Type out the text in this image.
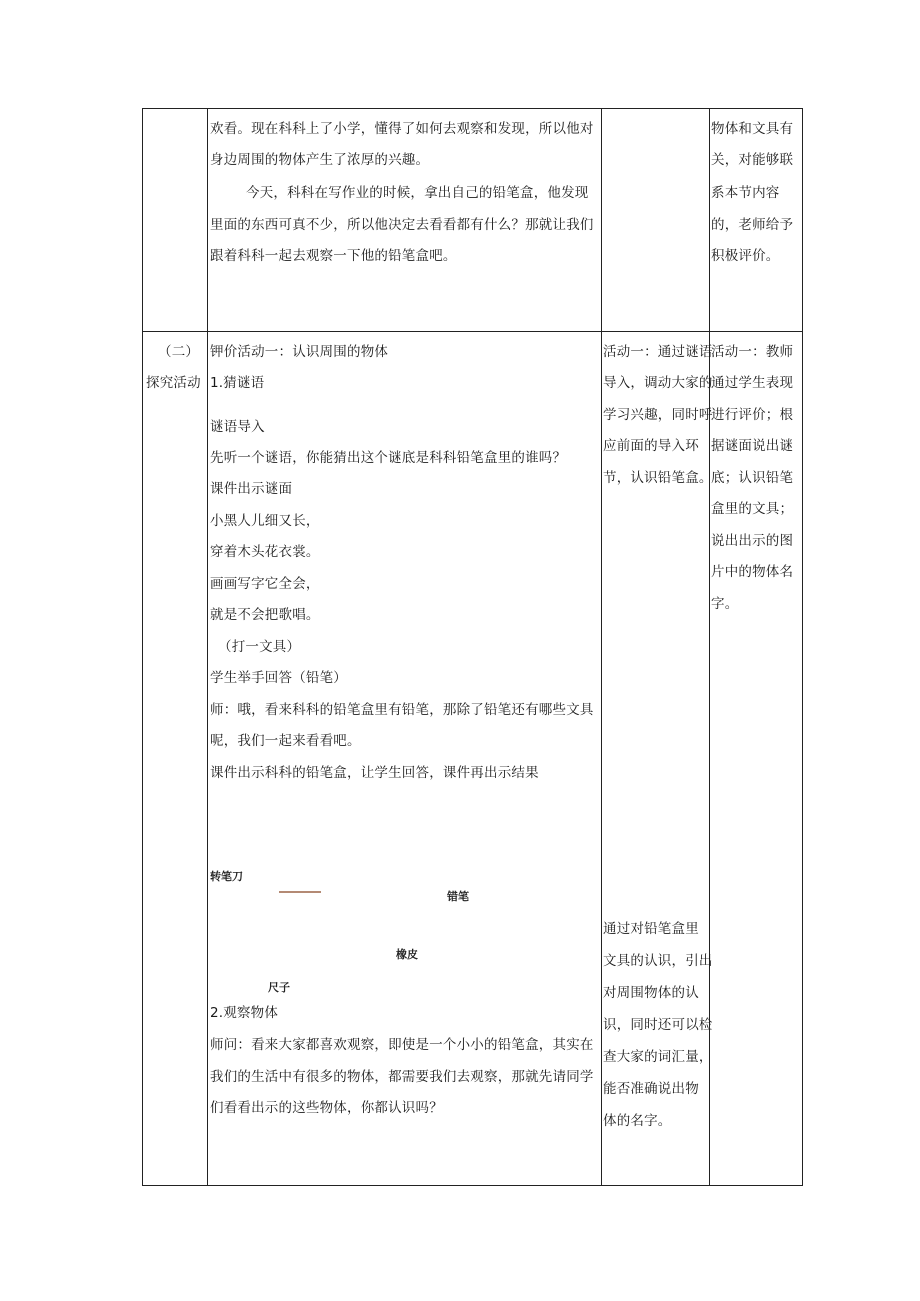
欢看。现在科科上了小学，懂得了如何去观察和发现，所以他对
身边周围的物体产生了浓厚的兴趣。
今天，科科在写作业的时候，拿出自己的铅笔盒，他发现
里面的东西可真不少，所以他决定去看看都有什么？那就让我们
跟着科科一起去观察一下他的铅笔盒吧。
物体和文具有
关，对能够联
系本节内容
的，老师给予
积极评价。
（二）
探究活动
钾价活动一：认识周围的物体
1.猜谜语
谜语导入
先听一个谜语，你能猜出这个谜底是科科铅笔盒里的谁吗？
课件出示谜面
小黑人儿细又长，
穿着木头花衣裳。
画画写字它全会，
就是不会把歌唱。
（打一文具）
学生举手回答（铅笔）
师：哦，看来科科的铅笔盒里有铅笔，那除了铅笔还有哪些文具
呢，我们一起来看看吧。
课件出示科科的铅笔盒，让学生回答，课件再出示结果
转笔刀
错笔
橡皮
尺子
2.观察物体
师问：看来大家都喜欢观察，即使是一个小小的铅笔盒，其实在
我们的生活中有很多的物体，都需要我们去观察，那就先请同学
们看看出示的这些物体，你都认识吗？
活动一：通过谜语
导入，调动大家的
学习兴趣，同时呼
应前面的导入环
节，认识铅笔盒。
通过对铅笔盒里
文具的认识，引出
对周围物体的认
识，同时还可以检
查大家的词汇量，
能否准确说出物
体的名字。
活动一：教师
通过学生表现
进行评价；根
据谜面说出谜
底；认识铅笔
盒里的文具；
说出出示的图
片中的物体名
字。
